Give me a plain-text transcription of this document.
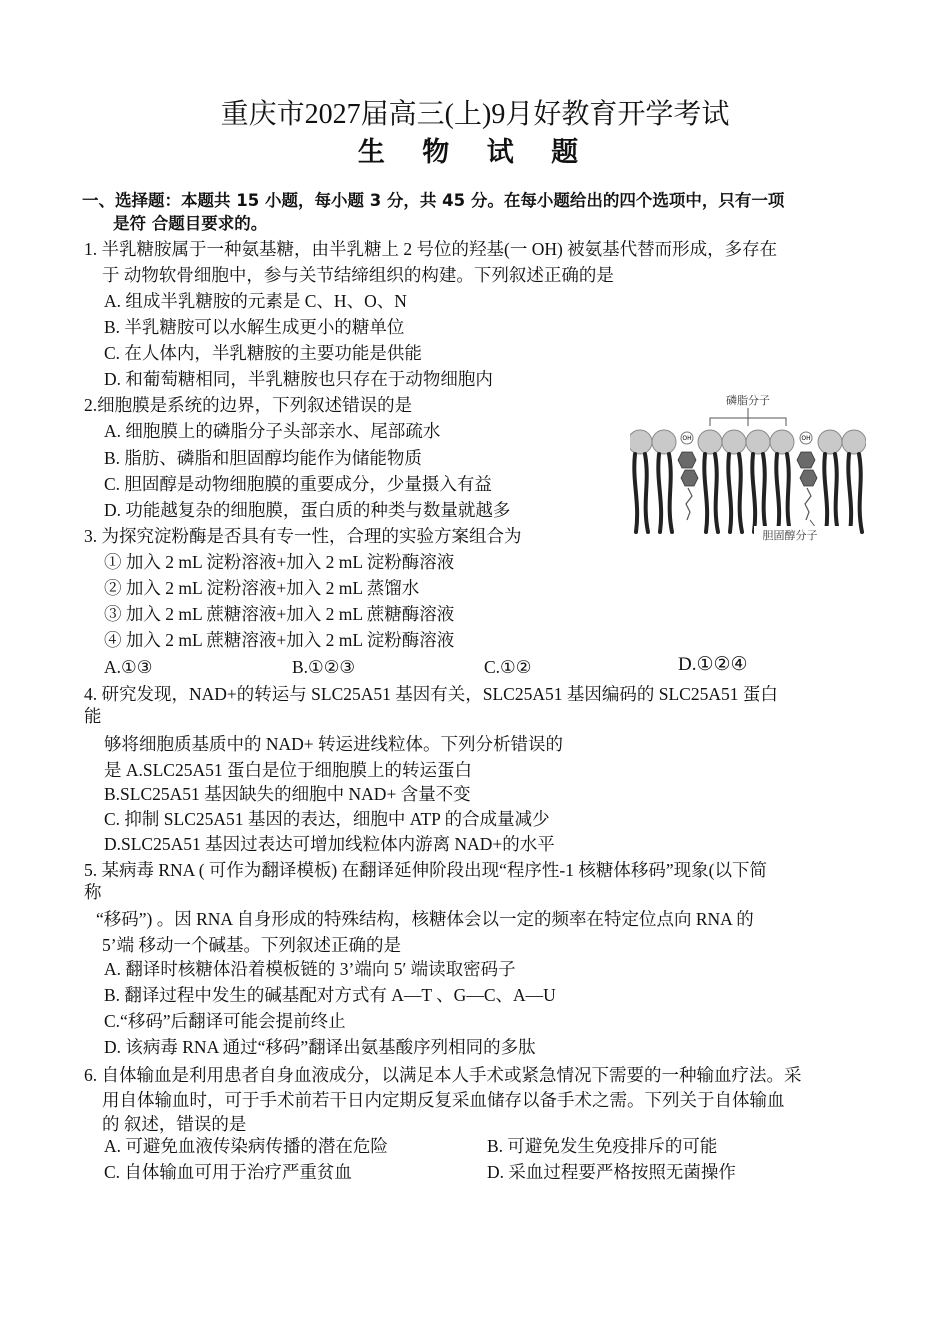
重庆市2027届高三(上)9月好教育开学考试
生 物 试 题
一、选择题：本题共 15 小题，每小题 3 分，共 45 分。在每小题给出的四个选项中，只有一项
是符 合题目要求的。
1. 半乳糖胺属于一种氨基糖，由半乳糖上 2 号位的羟基(一 OH) 被氨基代替而形成，多存在
于 动物软骨细胞中，参与关节结缔组织的构建。下列叙述正确的是
A. 组成半乳糖胺的元素是 C、H、O、N
B. 半乳糖胺可以水解生成更小的糖单位
C. 在人体内，半乳糖胺的主要功能是供能
D. 和葡萄糖相同，半乳糖胺也只存在于动物细胞内
2.细胞膜是系统的边界，下列叙述错误的是
A. 细胞膜上的磷脂分子头部亲水、尾部疏水
B. 脂肪、磷脂和胆固醇均能作为储能物质
C. 胆固醇是动物细胞膜的重要成分，少量摄入有益
D. 功能越复杂的细胞膜，蛋白质的种类与数量就越多
磷脂分子
OH	OH
胆固醇分子
3. 为探究淀粉酶是否具有专一性，合理的实验方案组合为
① 加入 2 mL 淀粉溶液+加入 2 mL 淀粉酶溶液
② 加入 2 mL 淀粉溶液+加入 2 mL 蒸馏水
③ 加入 2 mL 蔗糖溶液+加入 2 mL 蔗糖酶溶液
④ 加入 2 mL 蔗糖溶液+加入 2 mL 淀粉酶溶液
A.①③	B.①②③	C.①②	D.①②④
4. 研究发现，NAD+的转运与 SLC25A51 基因有关，SLC25A51 基因编码的 SLC25A51 蛋白
能
够将细胞质基质中的 NAD+ 转运进线粒体。下列分析错误的
是 A.SLC25A51 蛋白是位于细胞膜上的转运蛋白
B.SLC25A51 基因缺失的细胞中 NAD+ 含量不变
C. 抑制 SLC25A51 基因的表达，细胞中 ATP 的合成量减少
D.SLC25A51 基因过表达可增加线粒体内游离 NAD+的水平
5. 某病毒 RNA ( 可作为翻译模板) 在翻译延伸阶段出现“程序性-1 核糖体移码”现象(以下简
称
“移码”) 。因 RNA 自身形成的特殊结构，核糖体会以一定的频率在特定位点向 RNA 的
5’端 移动一个碱基。下列叙述正确的是
A. 翻译时核糖体沿着模板链的 3’端向 5′ 端读取密码子
B. 翻译过程中发生的碱基配对方式有 A—T 、G—C、A—U
C.“移码”后翻译可能会提前终止
D. 该病毒 RNA 通过“移码”翻译出氨基酸序列相同的多肽
6. 自体输血是利用患者自身血液成分，以满足本人手术或紧急情况下需要的一种输血疗法。采
用自体输血时，可于手术前若干日内定期反复采血储存以备手术之需。下列关于自体输血
的 叙述，错误的是
A. 可避免血液传染病传播的潜在危险	B. 可避免发生免疫排斥的可能
C. 自体输血可用于治疗严重贫血	D. 采血过程要严格按照无菌操作
